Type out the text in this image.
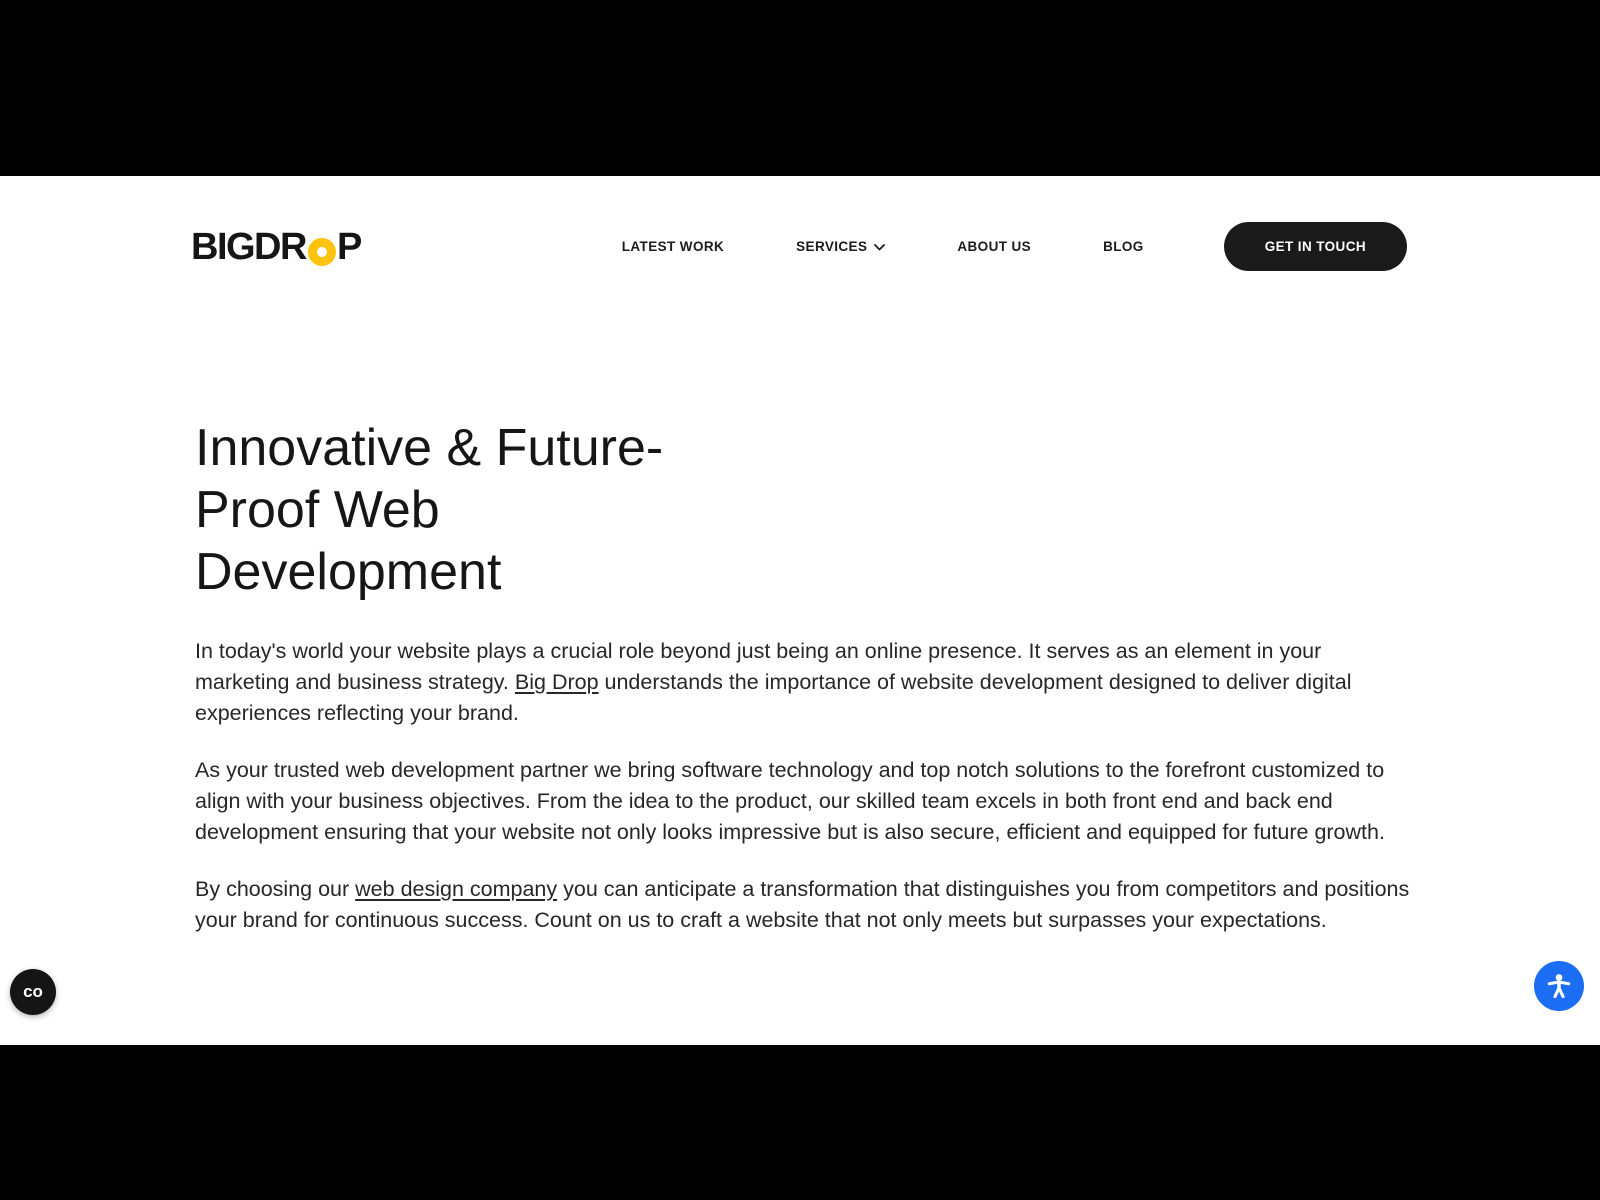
BIGDR P	LATEST WORK	SERVICES	ABOUT US	BLOG	GET IN TOUCH
Innovative & Future-
Proof Web
Development

In today's world your website plays a crucial role beyond just being an online presence. It serves as an element in your marketing and business strategy. Big Drop understands the importance of website development designed to deliver digital experiences reflecting your brand.

As your trusted web development partner we bring software technology and top notch solutions to the forefront customized to align with your business objectives. From the idea to the product, our skilled team excels in both front end and back end development ensuring that your website not only looks impressive but is also secure, efficient and equipped for future growth.

By choosing our web design company you can anticipate a transformation that distinguishes you from competitors and positions your brand for continuous success. Count on us to craft a website that not only meets but surpasses your expectations.

co
